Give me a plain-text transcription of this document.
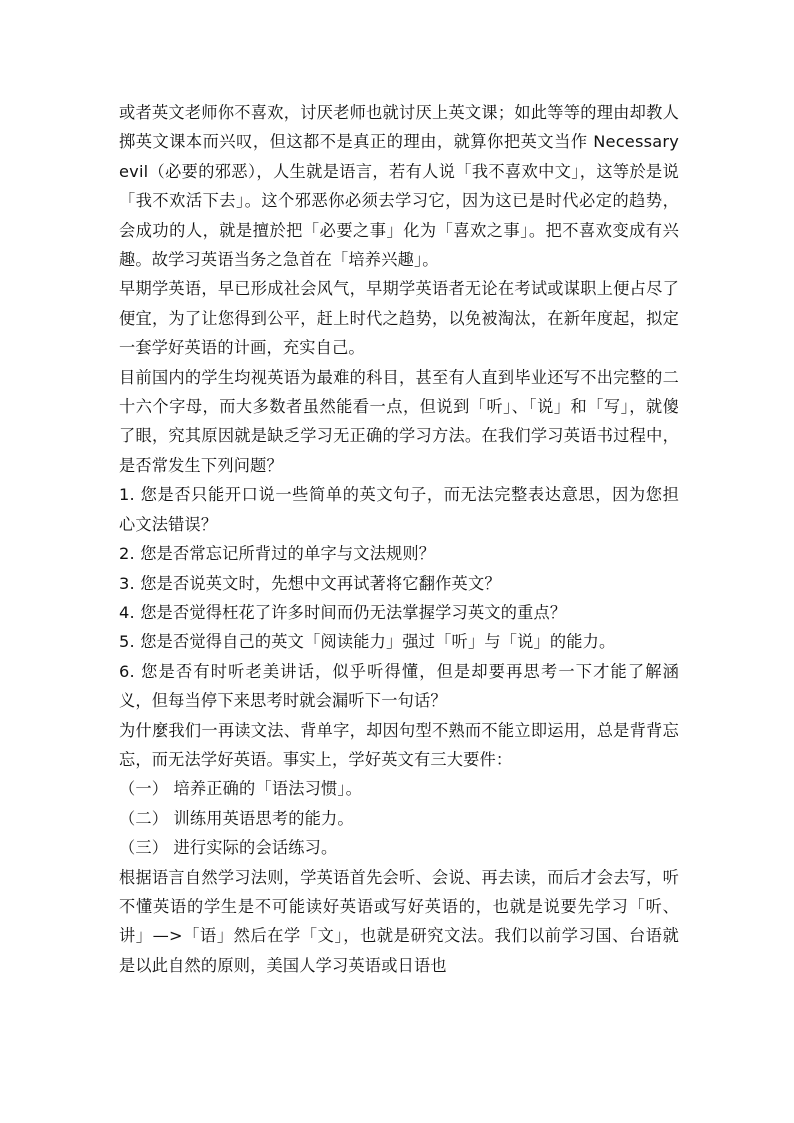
或者英文老师你不喜欢，讨厌老师也就讨厌上英文课；如此等等的理由却教人掷英文课本而兴叹，但这都不是真正的理由，就算你把英文当作 Necessary evil（必要的邪恶），人生就是语言，若有人说「我不喜欢中文」，这等於是说「我不欢活下去」。这个邪恶你必须去学习它，因为这已是时代必定的趋势，会成功的人，就是擅於把「必要之事」化为「喜欢之事」。把不喜欢变成有兴趣。故学习英语当务之急首在「培养兴趣」。

早期学英语，早已形成社会风气，早期学英语者无论在考试或谋职上便占尽了便宜，为了让您得到公平，赶上时代之趋势，以免被淘汰，在新年度起，拟定一套学好英语的计画，充实自己。

目前国内的学生均视英语为最难的科目，甚至有人直到毕业还写不出完整的二十六个字母，而大多数者虽然能看一点，但说到「听」、「说」和「写」，就傻了眼，究其原因就是缺乏学习无正确的学习方法。在我们学习英语书过程中，是否常发生下列问题？

1. 您是否只能开口说一些简单的英文句子，而无法完整表达意思，因为您担心文法错误？

2. 您是否常忘记所背过的单字与文法规则？

3. 您是否说英文时，先想中文再试著将它翻作英文？

4. 您是否觉得枉花了许多时间而仍无法掌握学习英文的重点？

5. 您是否觉得自己的英文「阅读能力」强过「听」与「说」的能力。

6. 您是否有时听老美讲话，似乎听得懂，但是却要再思考一下才能了解涵义，但每当停下来思考时就会漏听下一句话？

为什麼我们一再读文法、背单字，却因句型不熟而不能立即运用，总是背背忘忘，而无法学好英语。事实上，学好英文有三大要件：

（一） 培养正确的「语法习惯」。

（二） 训练用英语思考的能力。

（三） 进行实际的会话练习。

根据语言自然学习法则，学英语首先会听、会说、再去读，而后才会去写，听不懂英语的学生是不可能读好英语或写好英语的，也就是说要先学习「听、讲」—>「语」然后在学「文」，也就是研究文法。我们以前学习国、台语就是以此自然的原则，美国人学习英语或日语也
